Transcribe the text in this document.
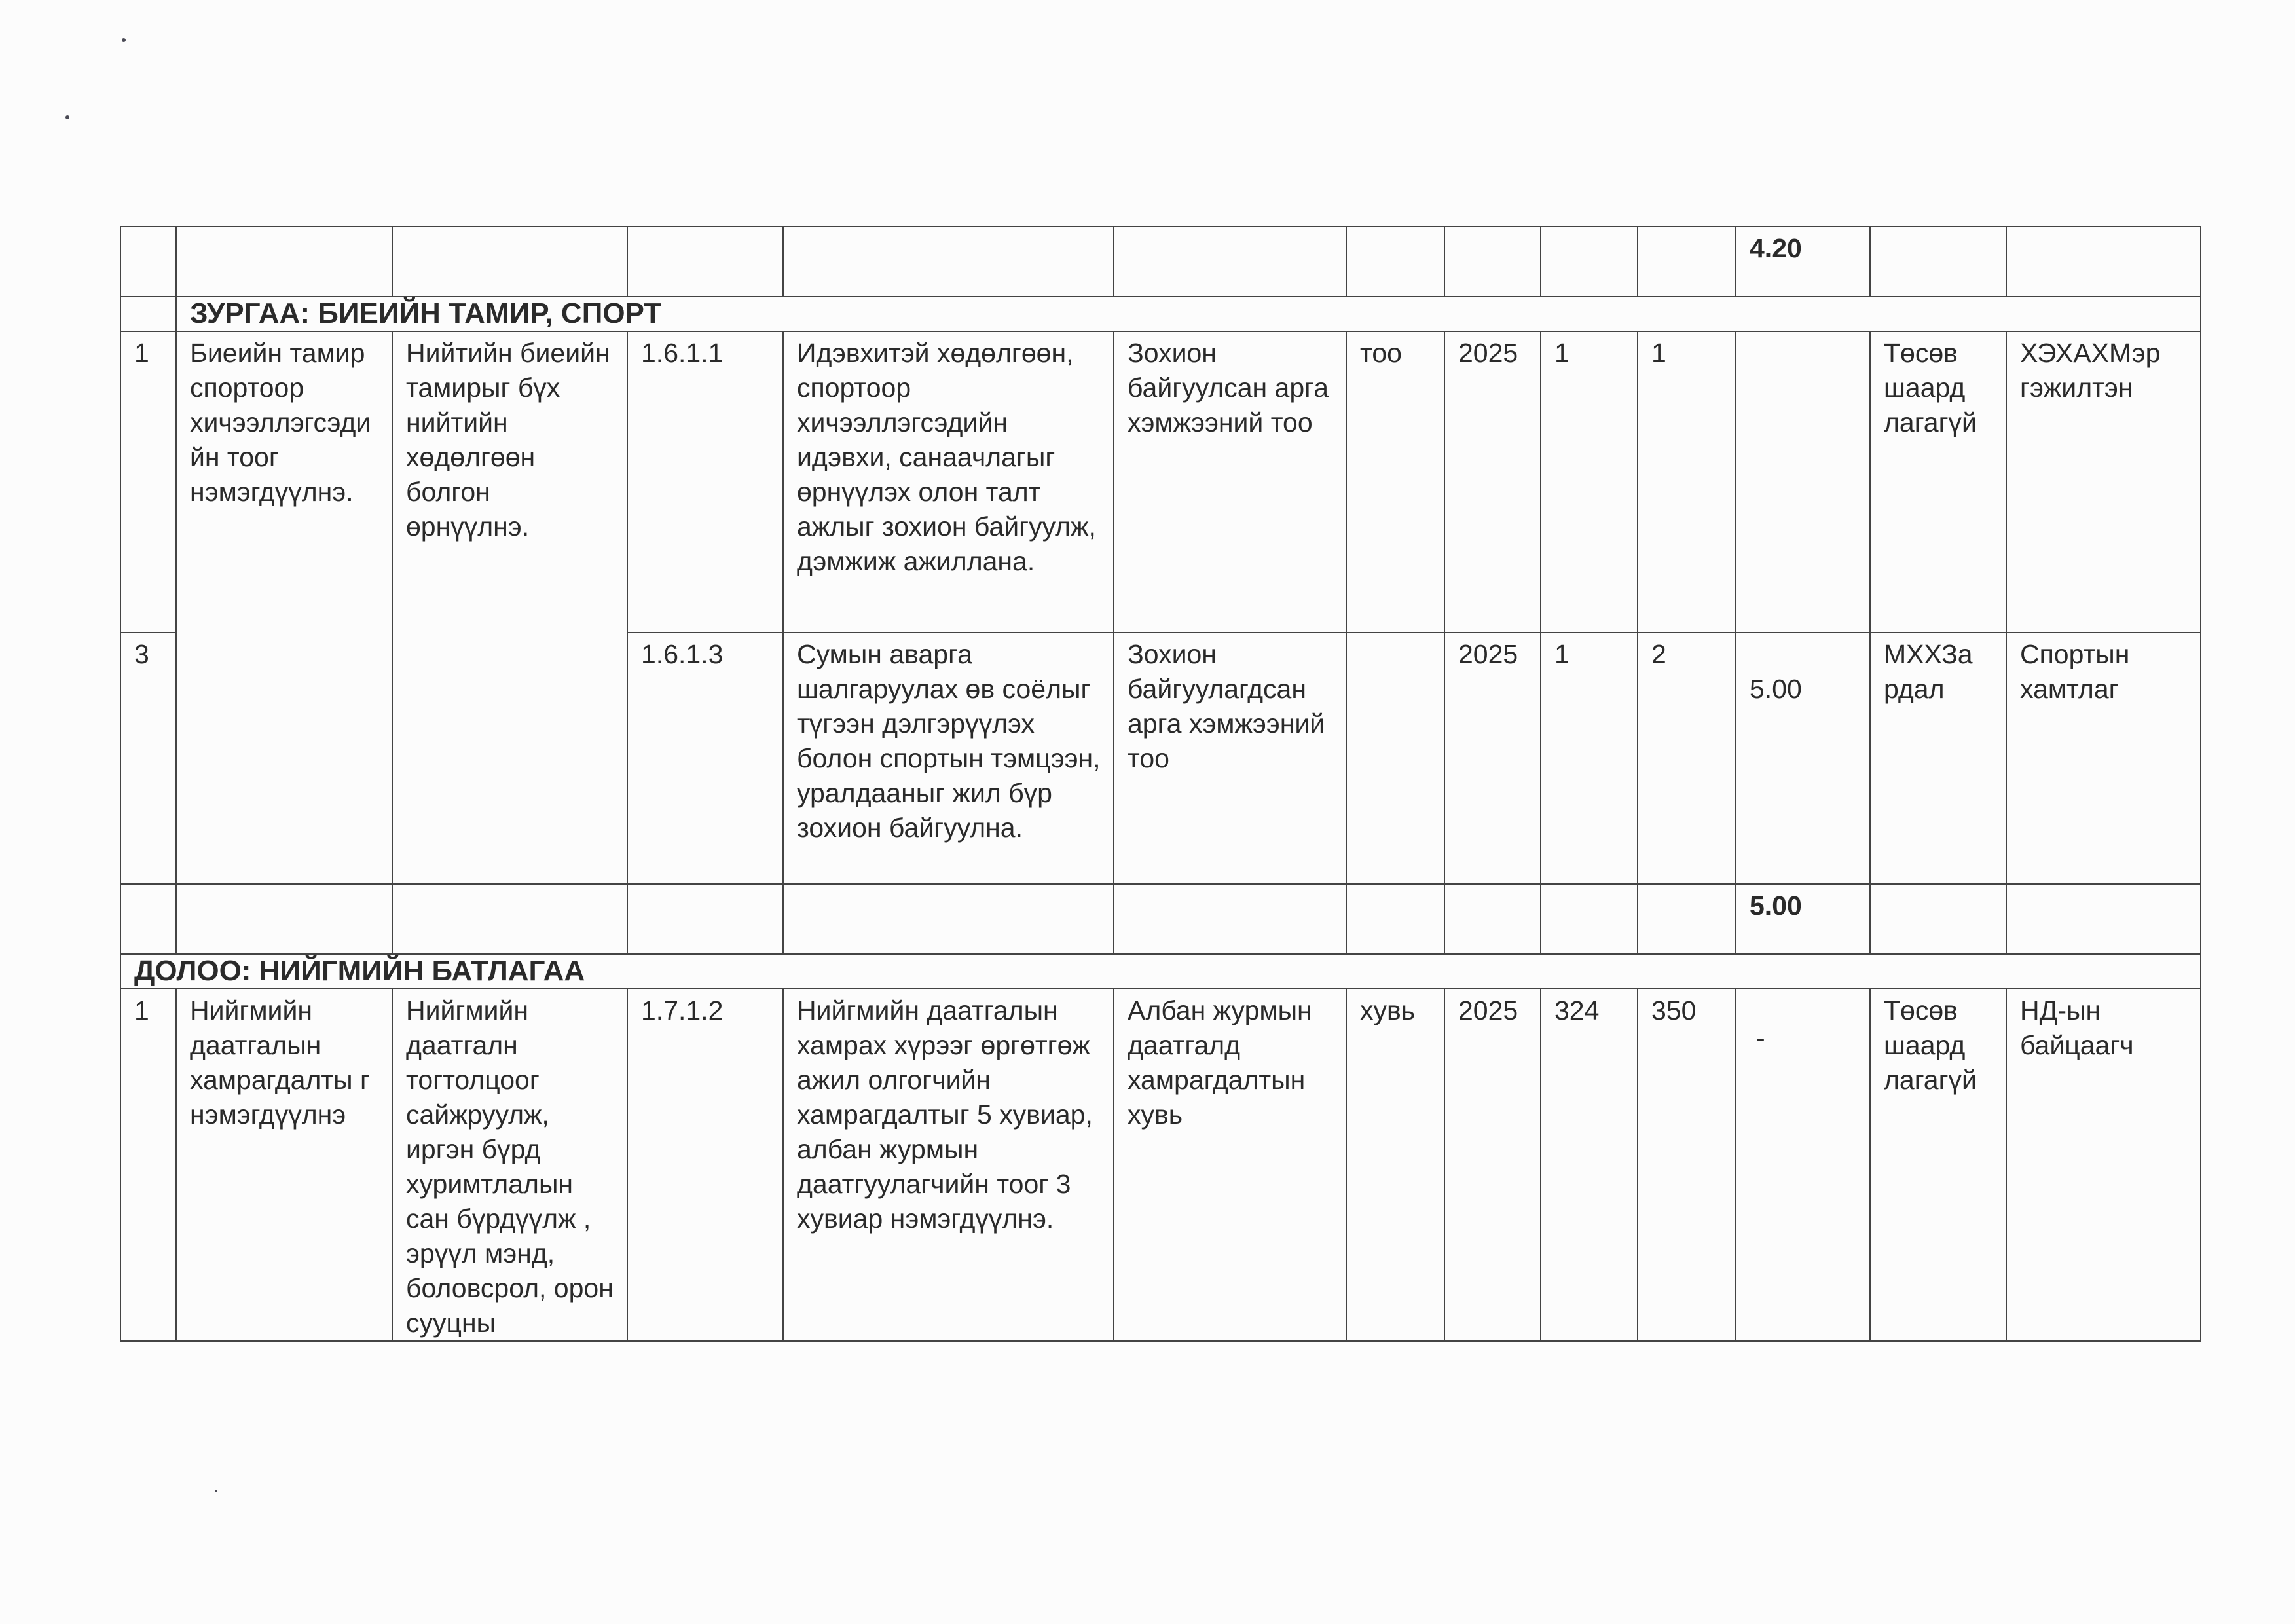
										4.20		
	ЗУРГАА: БИЕИЙН ТАМИР, СПОРТ											
1	Биеийн тамир спортоор хичээллэгсэдийн тоог нэмэгдүүлнэ.	Нийтийн биеийн тамирыг бүх нийтийн хөдөлгөөн болгон өрнүүлнэ.	1.6.1.1	Идэвхитэй хөдөлгөөн, спортоор хичээллэгсэдийн идэвхи, санаачлагыг өрнүүлэх олон талт ажлыг зохион байгуулж, дэмжиж ажиллана.	Зохион байгуулсан арга хэмжээний тоо	тоо	2025	1	1		Төсөв шаард лагагүй	ХЭХАХМэр гэжилтэн
3			1.6.1.3	Сумын аварга шалгаруулах өв соёлыг түгээн дэлгэрүүлэх болон спортын тэмцээн, уралдааныг жил бүр зохион байгуулна.	Зохион байгуулагдсан арга хэмжээний тоо		2025	1	2	5.00	МХХЗа рдал	Спортын хамтлаг
										5.00		
ДОЛОО: НИЙГМИЙН БАТЛАГАА												
1	Нийгмийн даатгалын хамрагдалты г нэмэгдүүлнэ	Нийгмийн даатгалн тогтолцоог сайжруулж, иргэн бүрд хуримтлалын сан бүрдүүлж , эрүүл мэнд, боловсрол, орон сууцны	1.7.1.2	Нийгмийн даатгалын хамрах хүрээг өргөтгөж ажил олгогчийн хамрагдалтыг 5 хувиар, албан журмын даатгуулагчийн тоог 3 хувиар нэмэгдүүлнэ.	Албан журмын даатгалд хамрагдалтын хувь	хувь	2025	324	350	-	Төсөв шаард лагагүй	НД-ын байцаагч
